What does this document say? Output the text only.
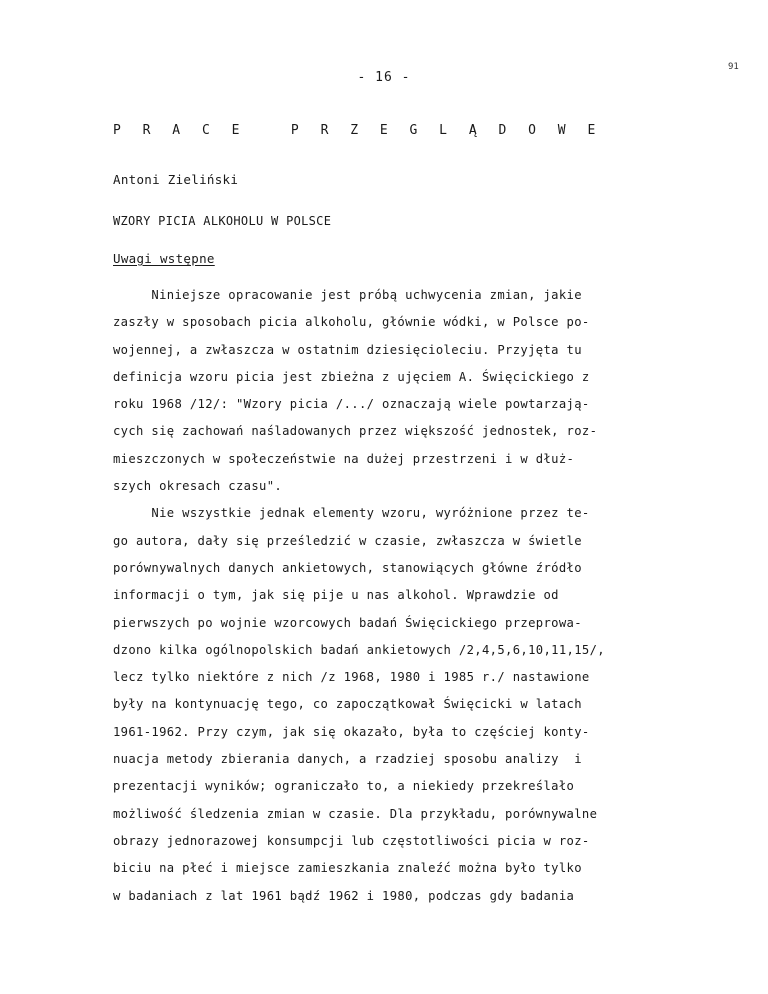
91
- 16 -
P R A C E   P R Z E G L Ą D O W E
Antoni Zieliński
WZORY PICIA ALKOHOLU W POLSCE
Uwagi wstępne
Niniejsze opracowanie jest próbą uchwycenia zmian, jakie
zaszły w sposobach picia alkoholu, głównie wódki, w Polsce po-
wojennej, a zwłaszcza w ostatnim dziesięcioleciu. Przyjęta tu
definicja wzoru picia jest zbieżna z ujęciem A. Święcickiego z
roku 1968 /12/: "Wzory picia /.../ oznaczają wiele powtarzają-
cych się zachowań naśladowanych przez większość jednostek, roz-
mieszczonych w społeczeństwie na dużej przestrzeni i w dłuż-
szych okresach czasu".
Nie wszystkie jednak elementy wzoru, wyróżnione przez te-
go autora, dały się prześledzić w czasie, zwłaszcza w świetle
porównywalnych danych ankietowych, stanowiących główne źródło
informacji o tym, jak się pije u nas alkohol. Wprawdzie od
pierwszych po wojnie wzorcowych badań Święcickiego przeprowa-
dzono kilka ogólnopolskich badań ankietowych /2,4,5,6,10,11,15/,
lecz tylko niektóre z nich /z 1968, 1980 i 1985 r./ nastawione
były na kontynuację tego, co zapoczątkował Święcicki w latach
1961-1962. Przy czym, jak się okazało, była to częściej konty-
nuacja metody zbierania danych, a rzadziej sposobu analizy  i
prezentacji wyników; ograniczało to, a niekiedy przekreślało
możliwość śledzenia zmian w czasie. Dla przykładu, porównywalne
obrazy jednorazowej konsumpcji lub częstotliwości picia w roz-
biciu na płeć i miejsce zamieszkania znaleźć można było tylko
w badaniach z lat 1961 bądź 1962 i 1980, podczas gdy badania
